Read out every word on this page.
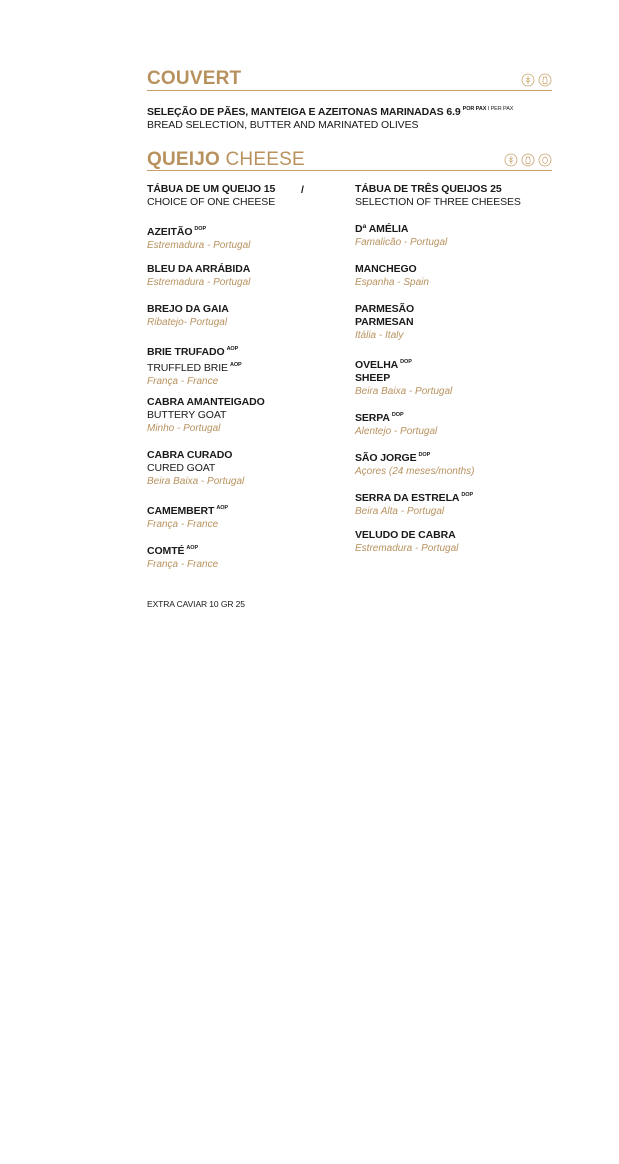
COUVERT
SELEÇÃO DE PÃES, MANTEIGA E AZEITONAS MARINADAS 6.9 $^{POR PAX I PER PAX}$
BREAD SELECTION, BUTTER AND MARINATED OLIVES
QUEIJO CHEESE
/
TÁBUA DE UM QUEIJO 15
CHOICE OF ONE CHEESE
AZEITÃO $^{DOP}$
Estremadura - Portugal
BLEU DA ARRÁBIDA
Estremadura - Portugal
BREJO DA GAIA
Ribatejo- Portugal
BRIE TRUFADO $^{AOP}$
TRUFFLED BRIE $^{AOP}$
França - France
CABRA AMANTEIGADO
BUTTERY GOAT
Minho - Portugal
CABRA CURADO
CURED GOAT
Beira Baixa - Portugal
CAMEMBERT $^{AOP}$
França - France
COMTÉ $^{AOP}$
França - France
TÁBUA DE TRÊS QUEIJOS 25
SELECTION OF THREE CHEESES
Dª AMÉLIA
Famalicão - Portugal
MANCHEGO
Espanha - Spain
PARMESÃO
PARMESAN
Itália - Italy
OVELHA $^{DOP}$
SHEEP
Beira Baixa - Portugal
SERPA $^{DOP}$
Alentejo - Portugal
SÃO JORGE $^{DOP}$
Açores (24 meses/months)
SERRA DA ESTRELA $^{DOP}$
Beira Alta - Portugal
VELUDO DE CABRA
Estremadura - Portugal
EXTRA CAVIAR 10 GR 25
